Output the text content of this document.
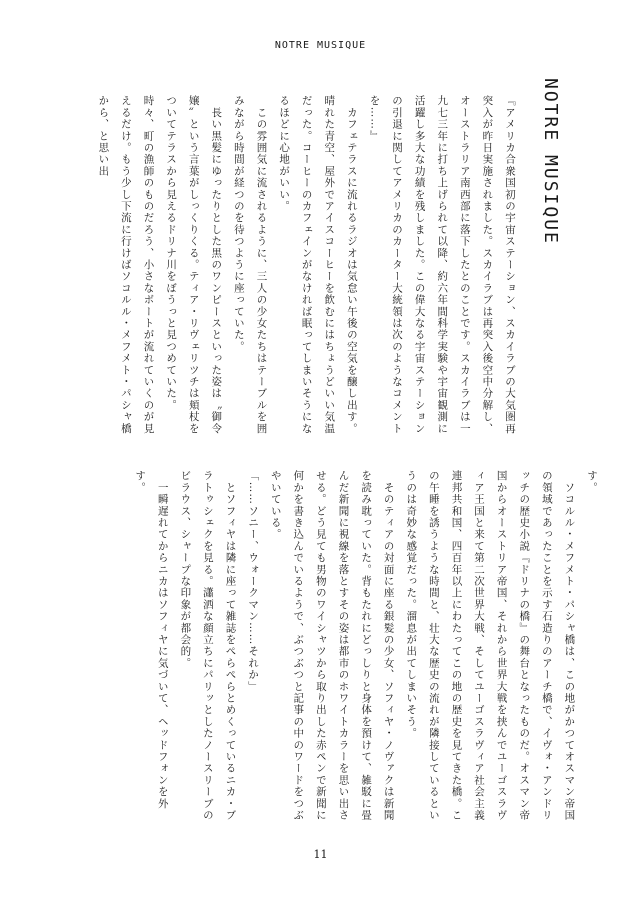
NOTRE MUSIQUE
NOTRE MUSIQUE

『アメリカ合衆国初の宇宙ステーション、スカイラブの大気圏再突入が昨日実施されました。スカイラブは再突入後空中分解し、オーストラリア南西部に落下したとのことです。スカイラブは一九七三年に打ち上げられて以降、約六年間科学実験や宇宙観測に活躍し多大な功績を残しました。この偉大なる宇宙ステーションの引退に関してアメリカのカーター大統領は次のようなコメントを……』

　カフェテラスに流れるラジオは気怠い午後の空気を醸し出す。晴れた青空、屋外でアイスコーヒーを飲むにはちょうどいい気温だった。コーヒーのカフェインがなければ眠ってしまいそうになるほどに心地がいい。

　この雰囲気に流されるように、三人の少女たちはテーブルを囲みながら時間が経つのを待つように座っていた。

　長い黒髪にゆったりとした黒のワンピースといった姿は〝御令嬢〟という言葉がしっくりくる。ティア・リヴェリツチは頬杖をついてテラスから見えるドリナ川をぼうっと見つめていた。時々、町の漁師のものだろう、小さなボートが流れていくのが見えるだけ。もう少し下流に行けばソコルル・メフメト・パシャ橋から、と思い出

す。

　ソコルル・メフメト・パシャ橋は、この地がかつてオスマン帝国の領域であったことを示す石造りのアーチ橋で、イヴォ・アンドリッチの歴史小説『ドリナの橋』の舞台となったものだ。オスマン帝国からオーストリア帝国、それから世界大戦を挟んでユーゴスラヴィア王国と来て第二次世界大戦、そしてユーゴスラヴィア社会主義連邦共和国、四百年以上にわたってこの地の歴史を見てきた橋。この午睡を誘うような時間と、壮大な歴史の流れが隣接しているというのは奇妙な感覚だった。溜息が出てしまいそう。

　そのティアの対面に座る銀髪の少女、ソフィヤ・ノヴァクは新聞を読み耽っていた。背もたれにどっしりと身体を預けて、雑駁に畳んだ新聞に視線を落とすその姿は都市のホワイトカラーを思い出させる。どう見ても男物のワイシャツから取り出した赤ペンで新聞に何かを書き込んでいるようで、ぶつぶつと記事の中のワードをつぶやいている。

「……ソニー、ウォークマン……それか」

　とソフィヤは隣に座って雑誌をぺらぺらとめくっているニカ・ブラトゥシェクを見る。瀟洒な顔立ちにパリッとしたノースリーブのビラウス、シャープな印象が都会的。

　一瞬遅れてからニカはソフィヤに気づいて、ヘッドフォンを外す。

11
